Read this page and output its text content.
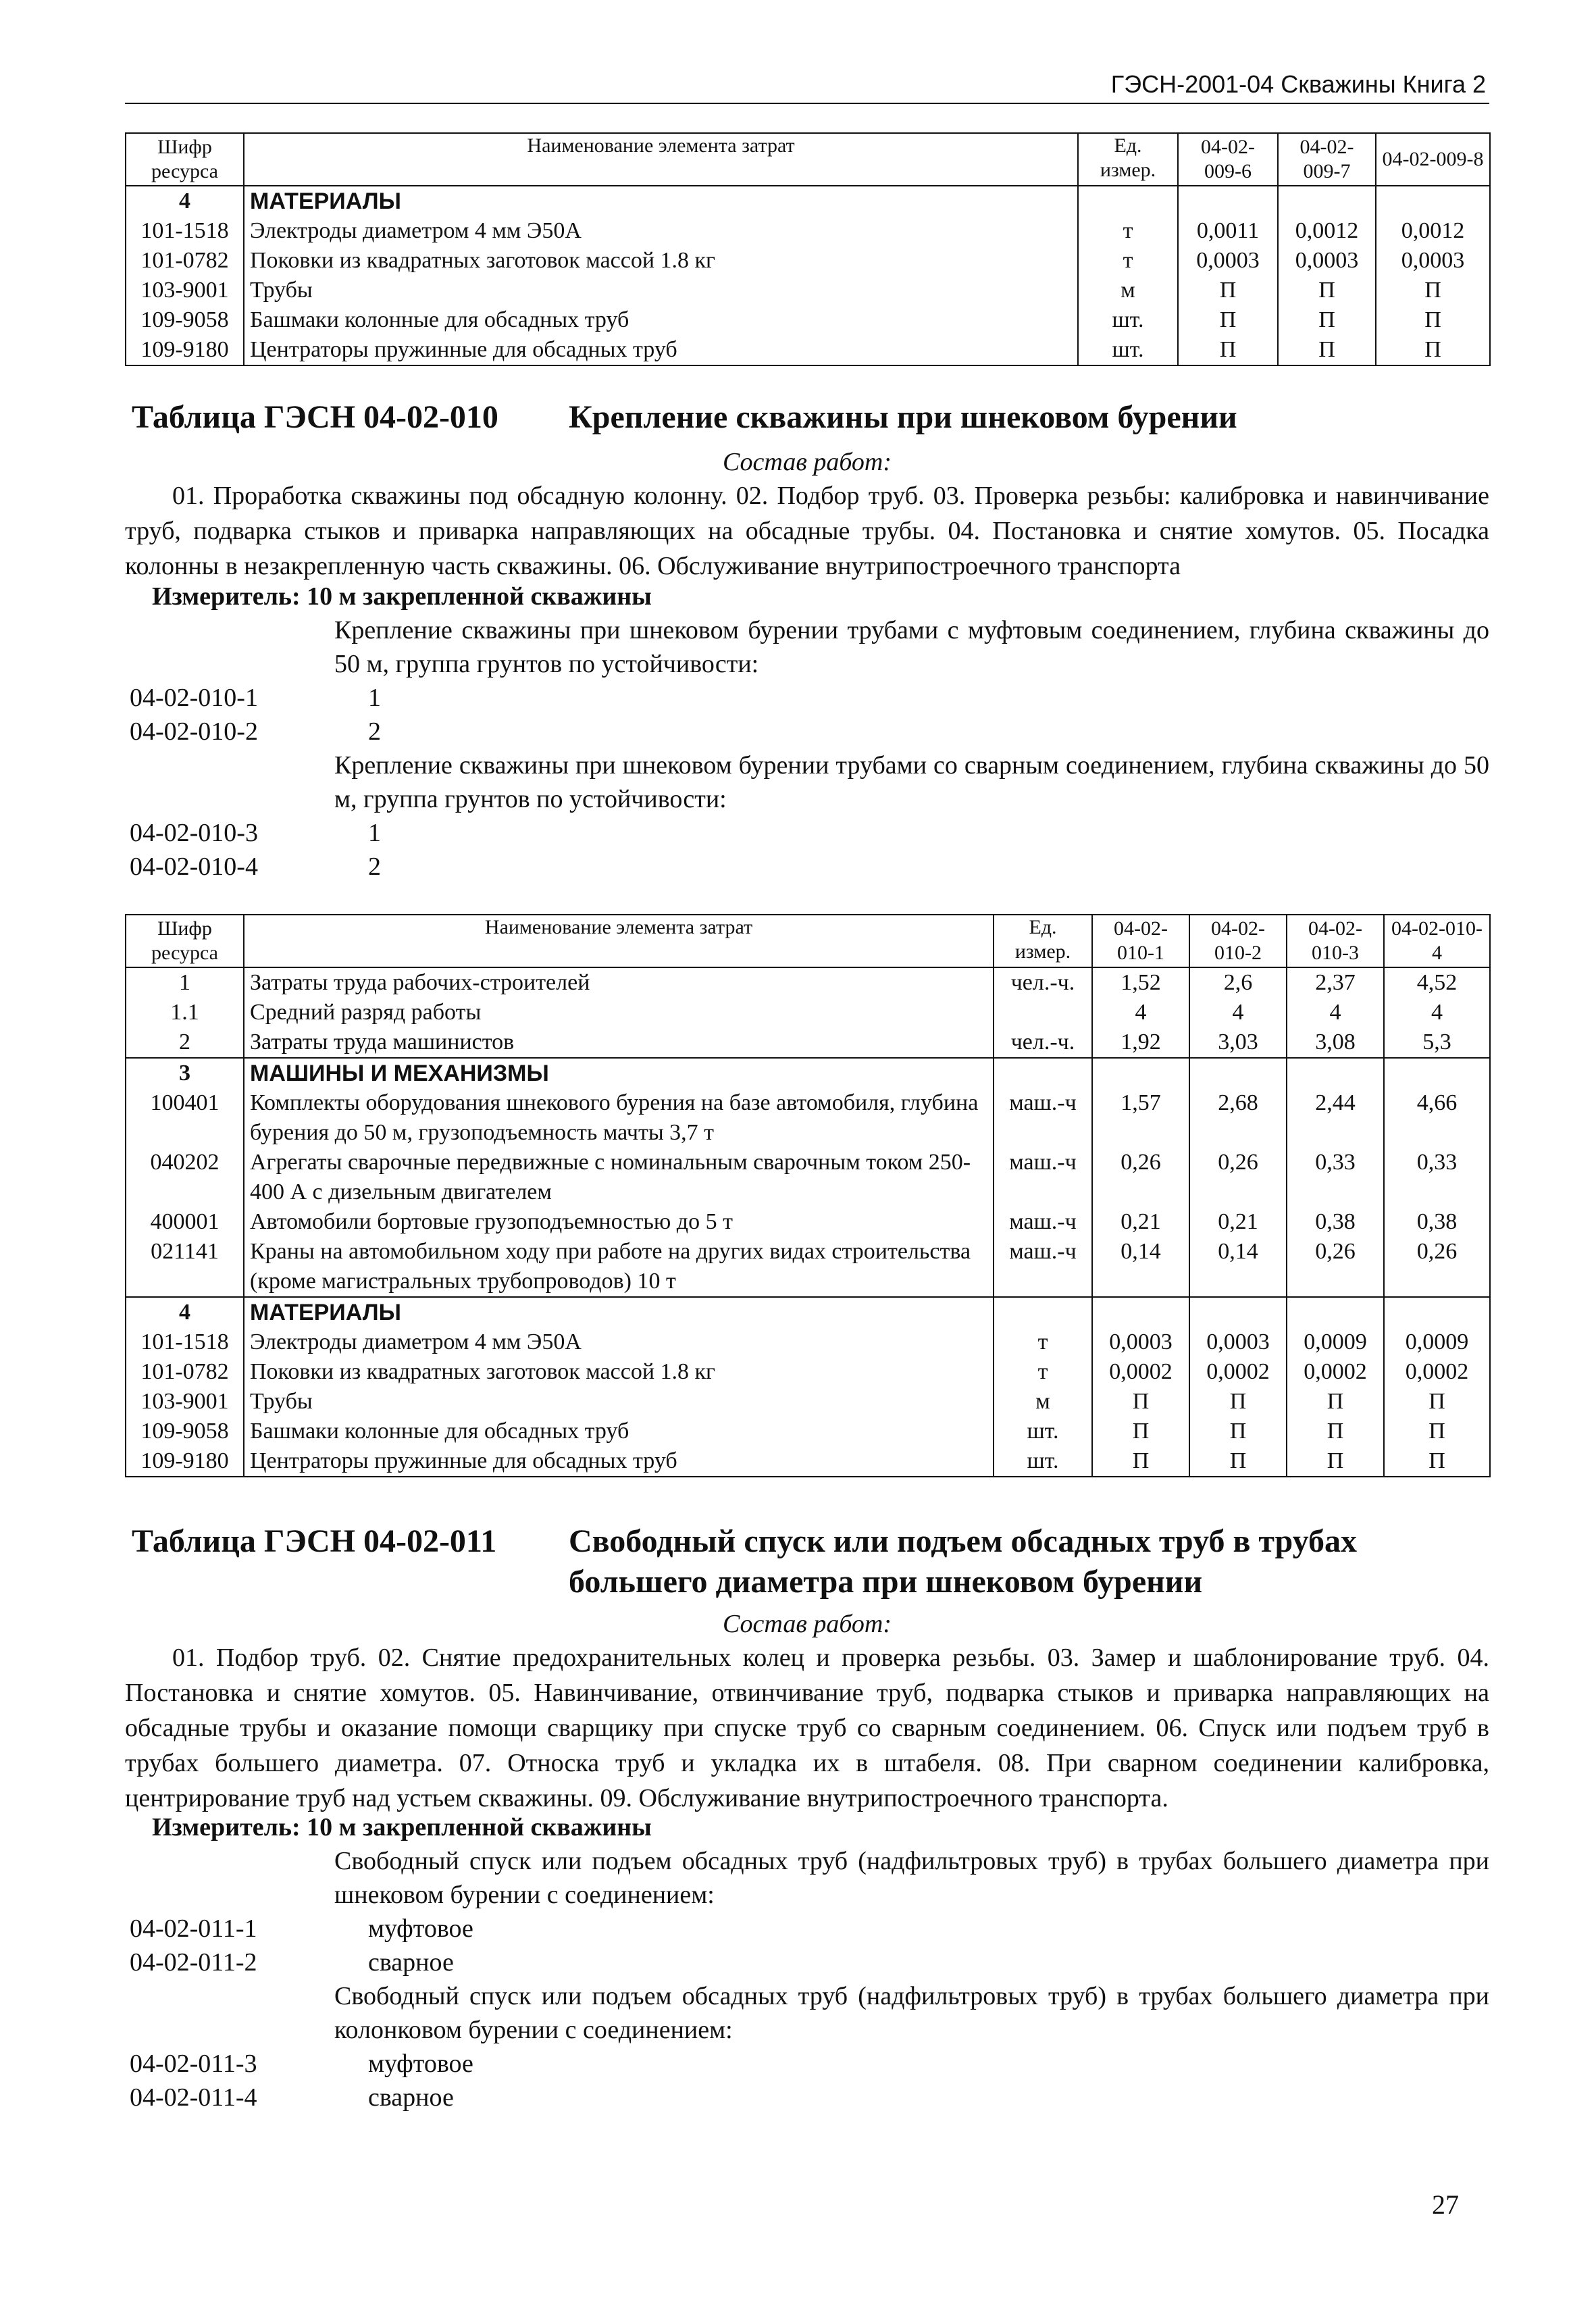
ГЭСН-2001-04 Скважины Книга 2
Шифр ресурса	Наименование элемента затрат	Ед. измер.	04-02-009-6	04-02-009-7	04-02-009-8
4	МАТЕРИАЛЫ				
101-1518	Электроды диаметром 4 мм Э50А	т	0,0011	0,0012	0,0012
101-0782	Поковки из квадратных заготовок массой 1.8 кг	т	0,0003	0,0003	0,0003
103-9001	Трубы	м	П	П	П
109-9058	Башмаки колонные для обсадных труб	шт.	П	П	П
109-9180	Центраторы пружинные для обсадных труб	шт.	П	П	П
Таблица ГЭСН 04-02-010 Крепление скважины при шнековом бурении
Состав работ:
01. Проработка скважины под обсадную колонну. 02. Подбор труб. 03. Проверка резьбы: калибровка и навинчивание труб, подварка стыков и приварка направляющих на обсадные трубы. 04. Постановка и снятие хомутов. 05. Посадка колонны в незакрепленную часть скважины. 06. Обслуживание внутрипостроечного транспорта
Измеритель: 10 м закрепленной скважины
Крепление скважины при шнековом бурении трубами с муфтовым соединением, глубина скважины до 50 м, группа грунтов по устойчивости:
04-02-010-1	1
04-02-010-2	2
Крепление скважины при шнековом бурении трубами со сварным соединением, глубина скважины до 50 м, группа грунтов по устойчивости:
04-02-010-3	1
04-02-010-4	2
Шифр ресурса	Наименование элемента затрат	Ед. измер.	04-02-010-1	04-02-010-2	04-02-010-3	04-02-010-4
1	Затраты труда рабочих-строителей	чел.-ч.	1,52	2,6	2,37	4,52
1.1	Средний разряд работы		4	4	4	4
2	Затраты труда машинистов	чел.-ч.	1,92	3,03	3,08	5,3
3	МАШИНЫ И МЕХАНИЗМЫ					
100401	Комплекты оборудования шнекового бурения на базе автомобиля, глубина бурения до 50 м, грузоподъемность мачты 3,7 т	маш.-ч	1,57	2,68	2,44	4,66
040202	Агрегаты сварочные передвижные с номинальным сварочным током 250-400 А с дизельным двигателем	маш.-ч	0,26	0,26	0,33	0,33
400001	Автомобили бортовые грузоподъемностью до 5 т	маш.-ч	0,21	0,21	0,38	0,38
021141	Краны на автомобильном ходу при работе на других видах строительства (кроме магистральных трубопроводов) 10 т	маш.-ч	0,14	0,14	0,26	0,26
4	МАТЕРИАЛЫ					
101-1518	Электроды диаметром 4 мм Э50А	т	0,0003	0,0003	0,0009	0,0009
101-0782	Поковки из квадратных заготовок массой 1.8 кг	т	0,0002	0,0002	0,0002	0,0002
103-9001	Трубы	м	П	П	П	П
109-9058	Башмаки колонные для обсадных труб	шт.	П	П	П	П
109-9180	Центраторы пружинные для обсадных труб	шт.	П	П	П	П
Таблица ГЭСН 04-02-011 Свободный спуск или подъем обсадных труб в трубах
большего диаметра при шнековом бурении
Состав работ:
01. Подбор труб. 02. Снятие предохранительных колец и проверка резьбы. 03. Замер и шаблонирование труб. 04. Постановка и снятие хомутов. 05. Навинчивание, отвинчивание труб, подварка стыков и приварка направляющих на обсадные трубы и оказание помощи сварщику при спуске труб со сварным соединением. 06. Спуск или подъем труб в трубах большего диаметра. 07. Относка труб и укладка их в штабеля. 08. При сварном соединении калибровка, центрирование труб над устьем скважины. 09. Обслуживание внутрипостроечного транспорта.
Измеритель: 10 м закрепленной скважины
Свободный спуск или подъем обсадных труб (надфильтровых труб) в трубах большего диаметра при шнековом бурении с соединением:
04-02-011-1	муфтовое
04-02-011-2	сварное
Свободный спуск или подъем обсадных труб (надфильтровых труб) в трубах большего диаметра при колонковом бурении с соединением:
04-02-011-3	муфтовое
04-02-011-4	сварное
27
